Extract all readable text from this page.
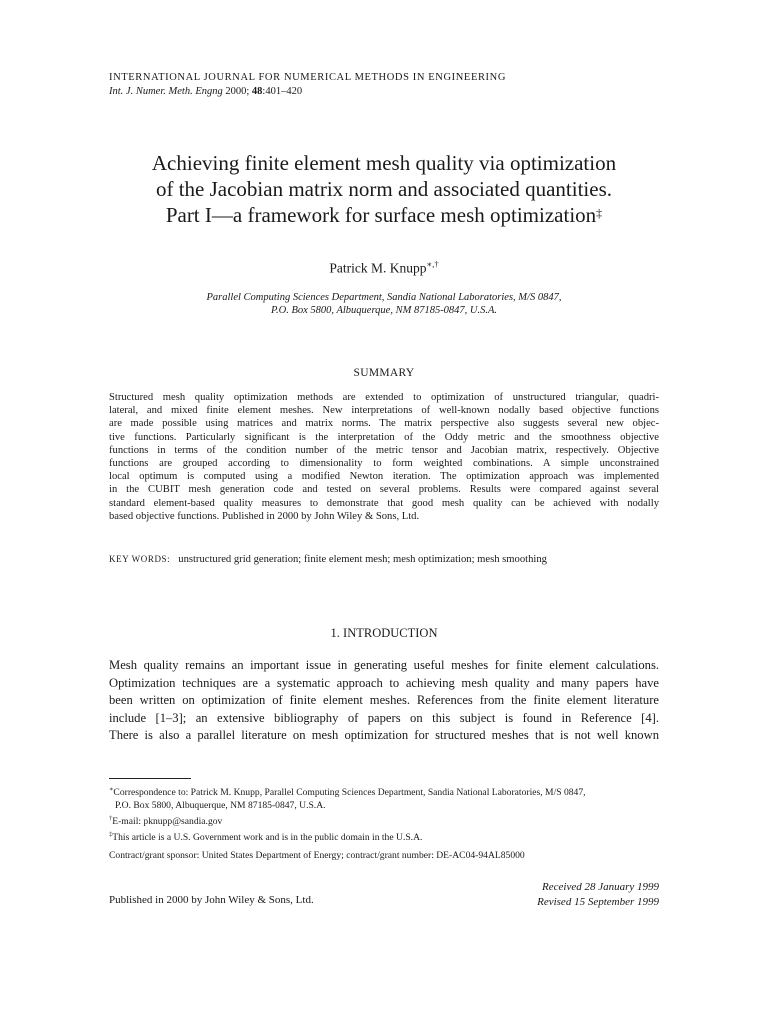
INTERNATIONAL JOURNAL FOR NUMERICAL METHODS IN ENGINEERING
Int. J. Numer. Meth. Engng 2000; 48:401–420
Achieving finite element mesh quality via optimization
of the Jacobian matrix norm and associated quantities.
Part I—a framework for surface mesh optimization‡
Patrick M. Knupp∗,†
Parallel Computing Sciences Department, Sandia National Laboratories, M/S 0847,
P.O. Box 5800, Albuquerque, NM 87185-0847, U.S.A.
SUMMARY
Structured mesh quality optimization methods are extended to optimization of unstructured triangular, quadri-
lateral, and mixed finite element meshes. New interpretations of well-known nodally based objective functions
are made possible using matrices and matrix norms. The matrix perspective also suggests several new objec-
tive functions. Particularly significant is the interpretation of the Oddy metric and the smoothness objective
functions in terms of the condition number of the metric tensor and Jacobian matrix, respectively. Objective
functions are grouped according to dimensionality to form weighted combinations. A simple unconstrained
local optimum is computed using a modified Newton iteration. The optimization approach was implemented
in the CUBIT mesh generation code and tested on several problems. Results were compared against several
standard element-based quality measures to demonstrate that good mesh quality can be achieved with nodally
based objective functions. Published in 2000 by John Wiley & Sons, Ltd.
KEY WORDS: unstructured grid generation; finite element mesh; mesh optimization; mesh smoothing
1. INTRODUCTION
Mesh quality remains an important issue in generating useful meshes for finite element calculations.
Optimization techniques are a systematic approach to achieving mesh quality and many papers have
been written on optimization of finite element meshes. References from the finite element literature
include [1–3]; an extensive bibliography of papers on this subject is found in Reference [4].
There is also a parallel literature on mesh optimization for structured meshes that is not well known
∗Correspondence to: Patrick M. Knupp, Parallel Computing Sciences Department, Sandia National Laboratories, M/S 0847,
P.O. Box 5800, Albuquerque, NM 87185-0847, U.S.A.
†E-mail: pknupp@sandia.gov
‡This article is a U.S. Government work and is in the public domain in the U.S.A.
Contract/grant sponsor: United States Department of Energy; contract/grant number: DE-AC04-94AL85000
Published in 2000 by John Wiley & Sons, Ltd.
Received 28 January 1999
Revised 15 September 1999
